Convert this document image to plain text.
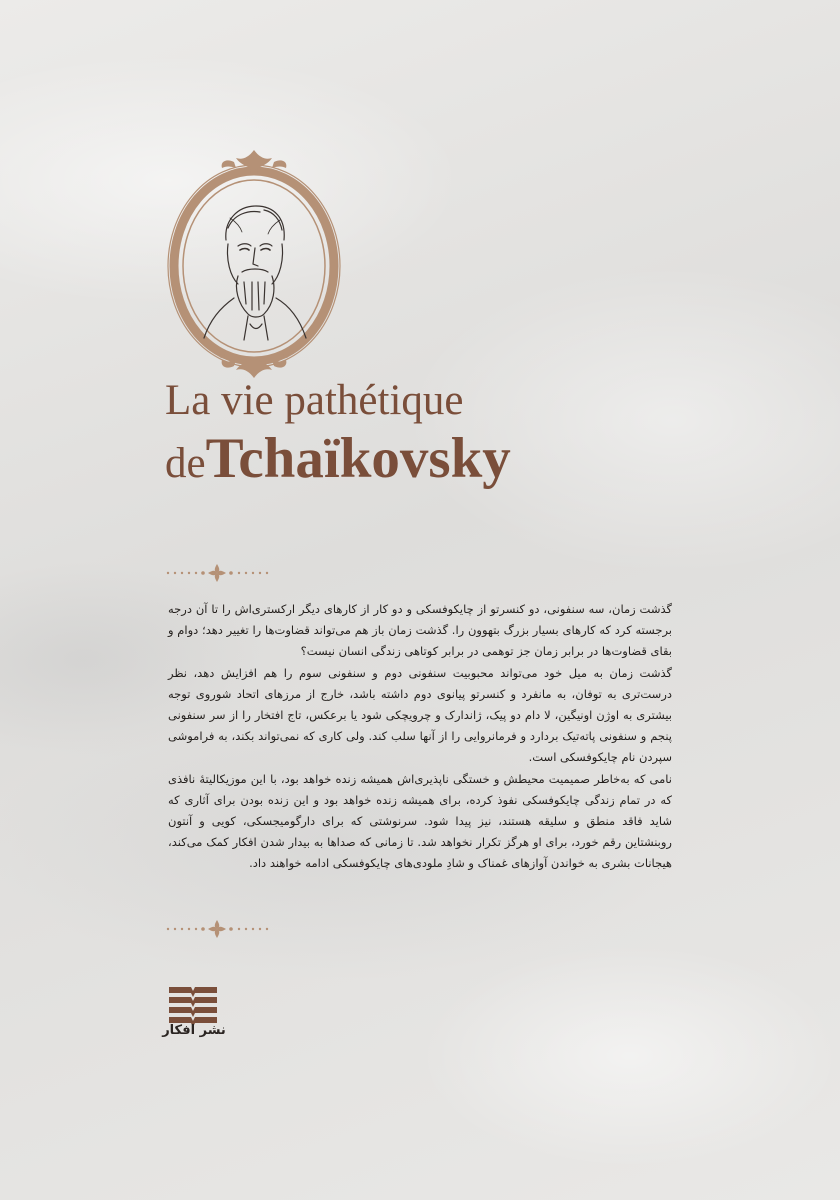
La vie pathétique
deTchaïkovsky

گذشت زمان، سه سنفونی، دو کنسرتو از چایکوفسکی و دو کار از کارهای دیگر ارکستری‌اش را تا آن درجه برجسته کرد که کارهای بسیار بزرگ بتهوون را. گذشت زمان باز هم می‌تواند قضاوت‌ها را تغییر دهد؛ دوام و بقای قضاوت‌ها در برابر زمان جز توهمی در برابر کوتاهی زندگی انسان نیست؟

گذشت زمان به میل خود می‌تواند محبوبیت سنفونی دوم و سنفونی سوم را هم افزایش دهد، نظر درست‌تری به توفان، به مانفرد و کنسرتو پیانوی دوم داشته باشد، خارج از مرزهای اتحاد شوروی توجه بیشتری به اوژن اونیگین، لا دام دو پیک، ژاندارک و چرویچکی شود یا برعکس، تاج افتخار را از سر سنفونی پنجم و سنفونی پاته‌تیک بردارد و فرمانروایی را از آنها سلب کند. ولی کاری که نمی‌تواند بکند، به فراموشی سپردن نام چایکوفسکی است.

نامی که به‌خاطر صمیمیت محیطش و خستگی ناپذیری‌اش همیشه زنده خواهد بود، با این موزیکالیتهٔ نافذی که در تمام زندگی چایکوفسکی نفوذ کرده، برای همیشه زنده خواهد بود و این زنده بودن برای آثاری که شاید فاقد منطق و سلیقه هستند، نیز پیدا شود. سرنوشتی که برای دارگومیجسکی، کویی و آنتون روبنشتاین رقم خورد، برای او هرگز تکرار نخواهد شد. تا زمانی که صداها به بیدار شدن افکار کمک می‌کند، هیجانات بشری به خواندن آوازهای غمناک و شادِ ملودی‌های چایکوفسکی ادامه خواهند داد.

نشر افکار
